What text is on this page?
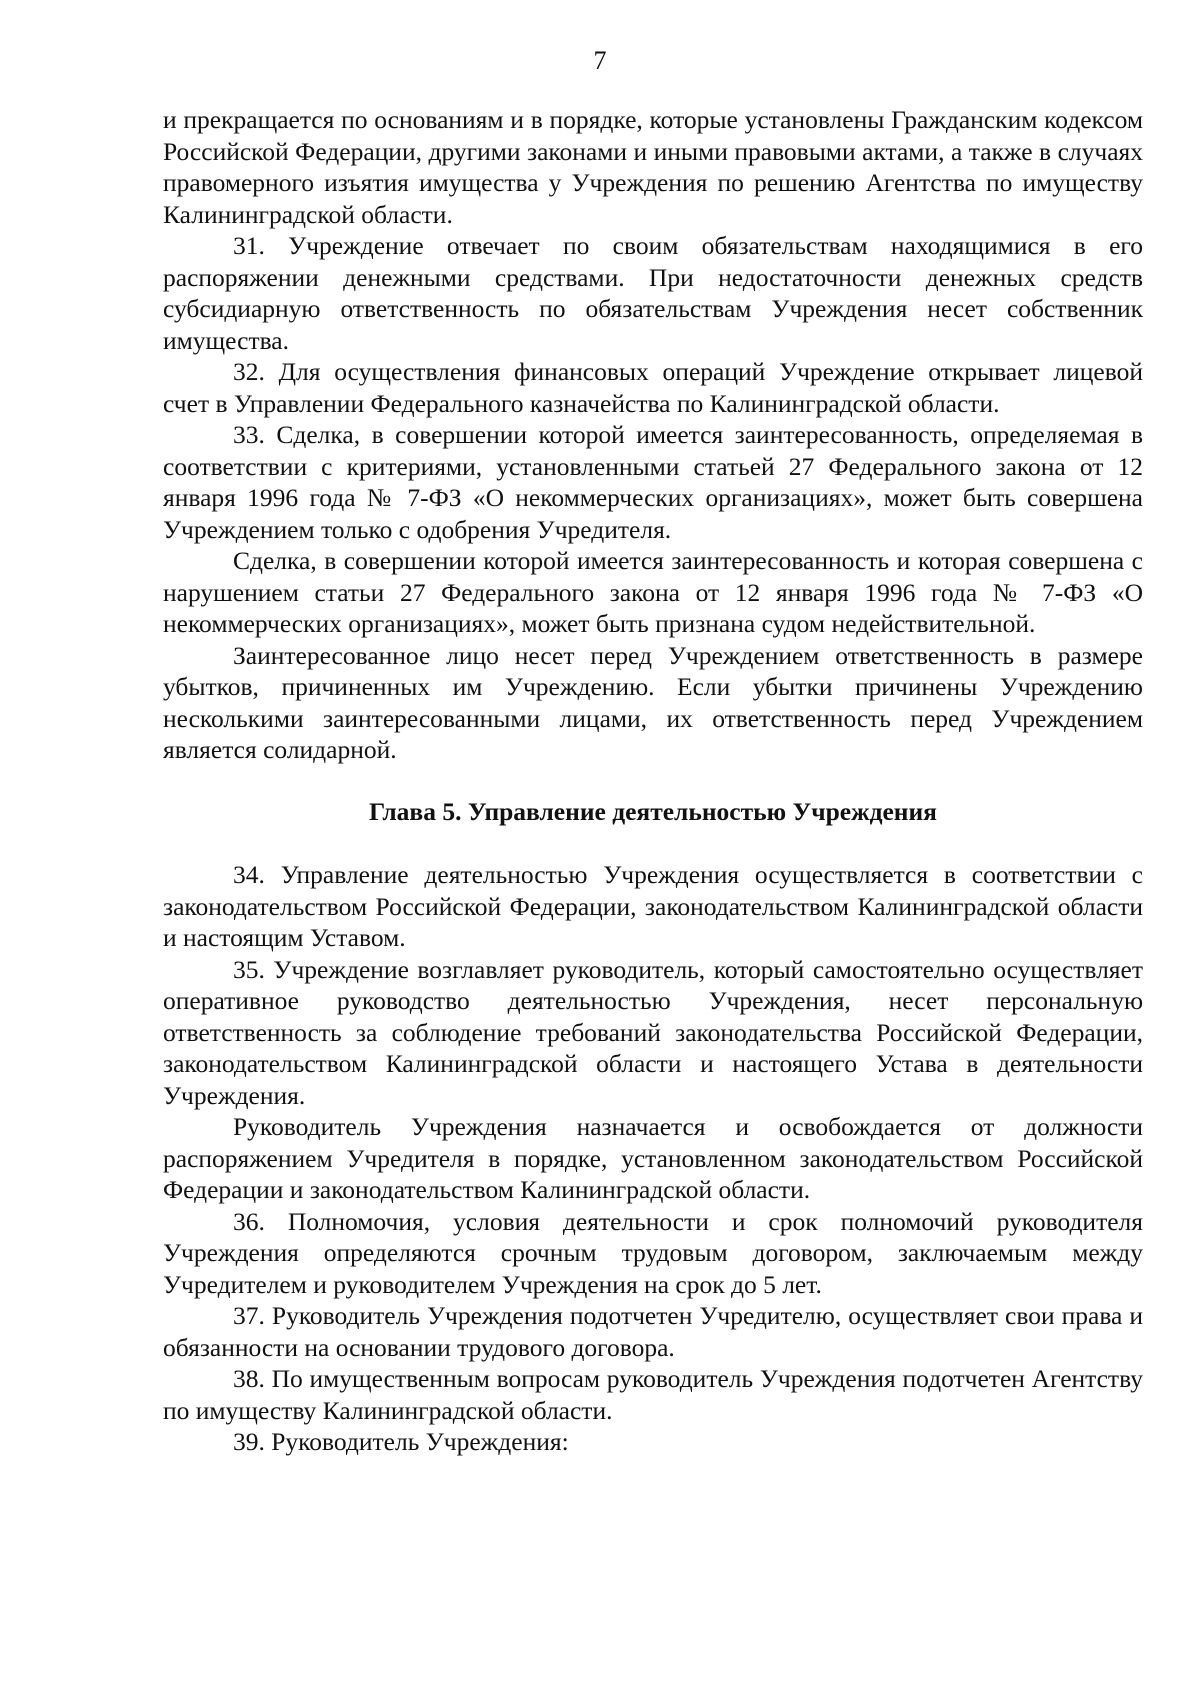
7

и прекращается по основаниям и в порядке, которые установлены Гражданским кодексом Российской Федерации, другими законами и иными правовыми актами, а также в случаях правомерного изъятия имущества у Учреждения по решению Агентства по имуществу Калининградской области.

31. Учреждение отвечает по своим обязательствам находящимися в его распоряжении денежными средствами. При недостаточности денежных средств субсидиарную ответственность по обязательствам Учреждения несет собственник имущества.

32. Для осуществления финансовых операций Учреждение открывает лицевой счет в Управлении Федерального казначейства по Калининградской области.

33. Сделка, в совершении которой имеется заинтересованность, определяемая в соответствии с критериями, установленными статьей 27 Федерального закона от 12 января 1996 года № 7-ФЗ «О некоммерческих организациях», может быть совершена Учреждением только с одобрения Учредителя.

Сделка, в совершении которой имеется заинтересованность и которая совершена с нарушением статьи 27 Федерального закона от 12 января 1996 года № 7-ФЗ «О некоммерческих организациях», может быть признана судом недействительной.

Заинтересованное лицо несет перед Учреждением ответственность в размере убытков, причиненных им Учреждению. Если убытки причинены Учреждению несколькими заинтересованными лицами, их ответственность перед Учреждением является солидарной.

Глава 5. Управление деятельностью Учреждения

34. Управление деятельностью Учреждения осуществляется в соответствии с законодательством Российской Федерации, законодательством Калининградской области и настоящим Уставом.

35. Учреждение возглавляет руководитель, который самостоятельно осуществляет оперативное руководство деятельностью Учреждения, несет персональную ответственность за соблюдение требований законодательства Российской Федерации, законодательством Калининградской области и настоящего Устава в деятельности Учреждения.

Руководитель Учреждения назначается и освобождается от должности распоряжением Учредителя в порядке, установленном законодательством Российской Федерации и законодательством Калининградской области.

36. Полномочия, условия деятельности и срок полномочий руководителя Учреждения определяются срочным трудовым договором, заключаемым между Учредителем и руководителем Учреждения на срок до 5 лет.

37. Руководитель Учреждения подотчетен Учредителю, осуществляет свои права и обязанности на основании трудового договора.

38. По имущественным вопросам руководитель Учреждения подотчетен Агентству по имуществу Калининградской области.

39. Руководитель Учреждения:
